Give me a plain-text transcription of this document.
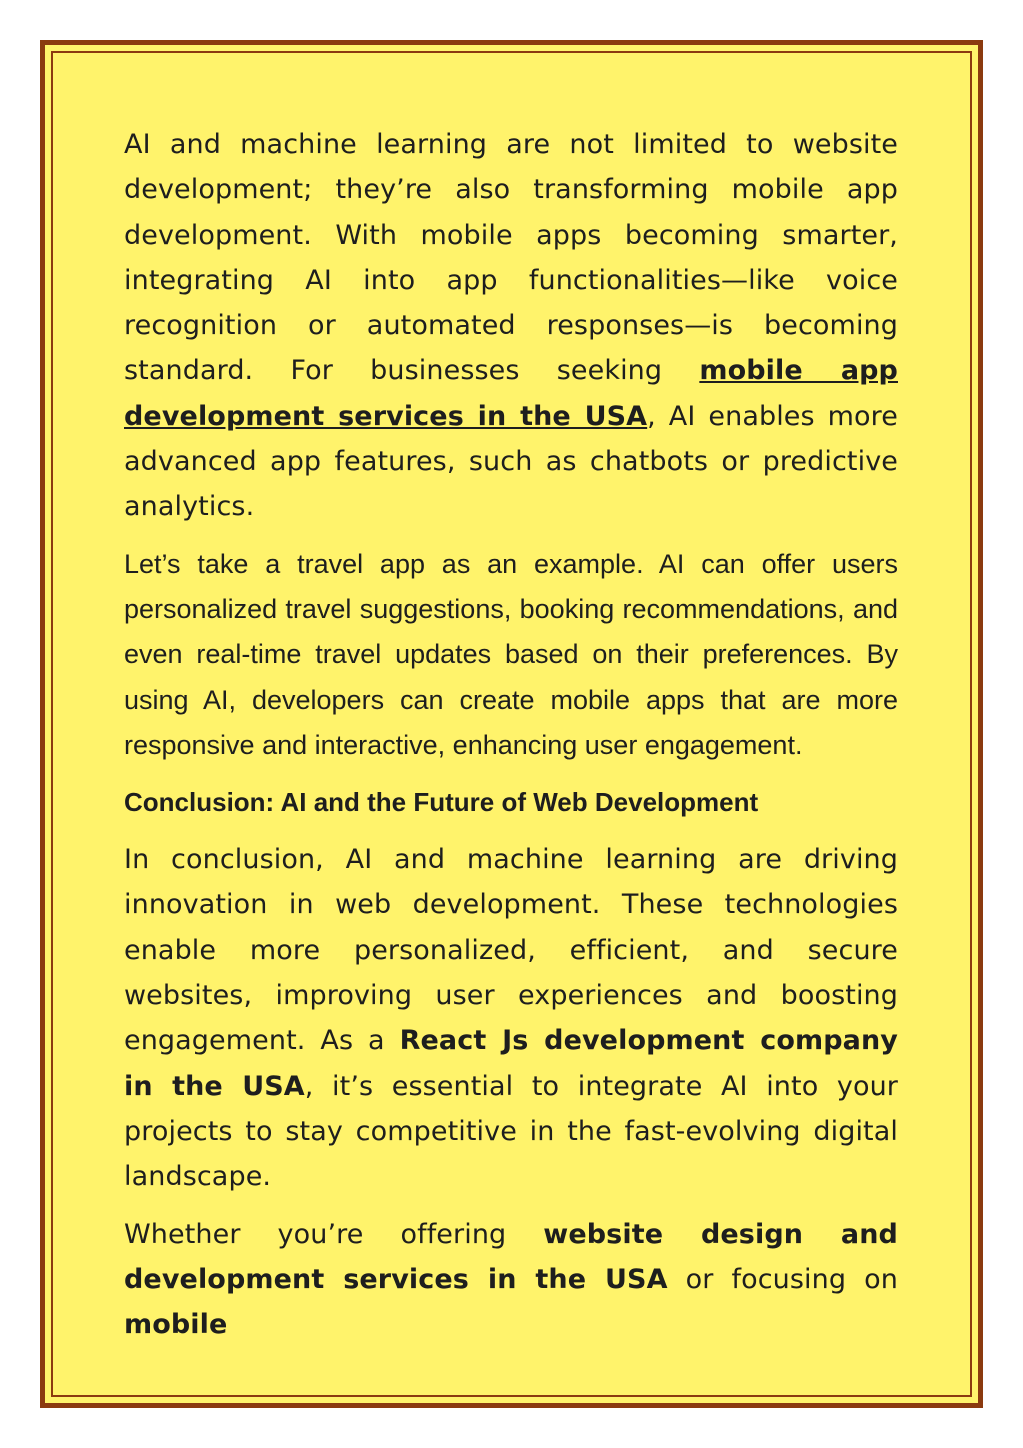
AI and machine learning are not limited to website development; they’re also transforming mobile app development. With mobile apps becoming smarter, integrating AI into app functionalities—like voice recognition or automated responses—is becoming standard. For businesses seeking mobile app development services in the USA, AI enables more advanced app features, such as chatbots or predictive analytics.

Let’s take a travel app as an example. AI can offer users personalized travel suggestions, booking recommendations, and even real-time travel updates based on their preferences. By using AI, developers can create mobile apps that are more responsive and interactive, enhancing user engagement.

Conclusion: AI and the Future of Web Development

In conclusion, AI and machine learning are driving innovation in web development. These technologies enable more personalized, efficient, and secure websites, improving user experiences and boosting engagement. As a React Js development company in the USA, it’s essential to integrate AI into your projects to stay competitive in the fast-evolving digital landscape.

Whether you’re offering website design and development services in the USA or focusing on mobile
